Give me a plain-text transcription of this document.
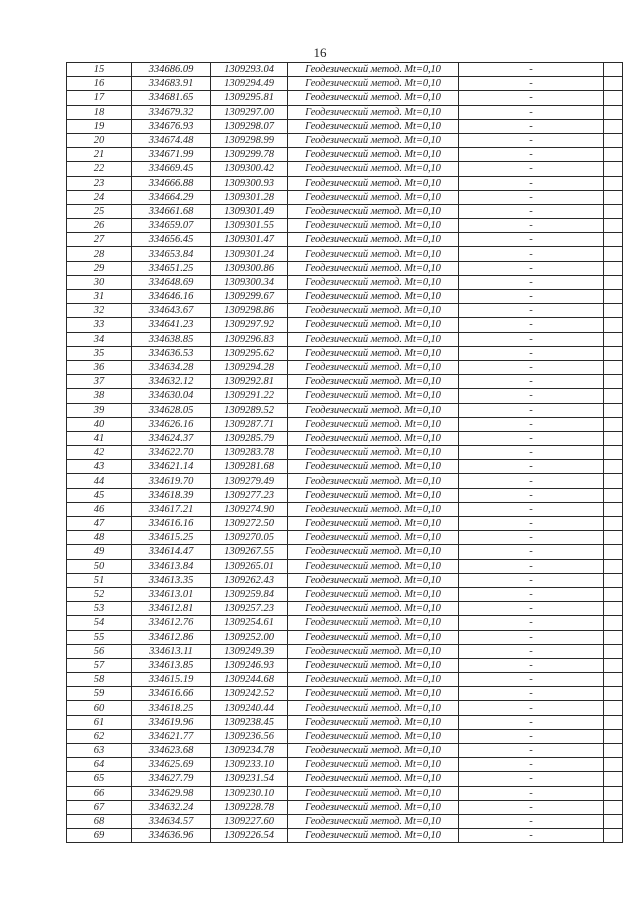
16
15	334686.09	1309293.04	Геодезический метод. Mt=0,10	-	
16	334683.91	1309294.49	Геодезический метод. Mt=0,10	-	
17	334681.65	1309295.81	Геодезический метод. Mt=0,10	-	
18	334679.32	1309297.00	Геодезический метод. Mt=0,10	-	
19	334676.93	1309298.07	Геодезический метод. Mt=0,10	-	
20	334674.48	1309298.99	Геодезический метод. Mt=0,10	-	
21	334671.99	1309299.78	Геодезический метод. Mt=0,10	-	
22	334669.45	1309300.42	Геодезический метод. Mt=0,10	-	
23	334666.88	1309300.93	Геодезический метод. Mt=0,10	-	
24	334664.29	1309301.28	Геодезический метод. Mt=0,10	-	
25	334661.68	1309301.49	Геодезический метод. Mt=0,10	-	
26	334659.07	1309301.55	Геодезический метод. Mt=0,10	-	
27	334656.45	1309301.47	Геодезический метод. Mt=0,10	-	
28	334653.84	1309301.24	Геодезический метод. Mt=0,10	-	
29	334651.25	1309300.86	Геодезический метод. Mt=0,10	-	
30	334648.69	1309300.34	Геодезический метод. Mt=0,10	-	
31	334646.16	1309299.67	Геодезический метод. Mt=0,10	-	
32	334643.67	1309298.86	Геодезический метод. Mt=0,10	-	
33	334641.23	1309297.92	Геодезический метод. Mt=0,10	-	
34	334638.85	1309296.83	Геодезический метод. Mt=0,10	-	
35	334636.53	1309295.62	Геодезический метод. Mt=0,10	-	
36	334634.28	1309294.28	Геодезический метод. Mt=0,10	-	
37	334632.12	1309292.81	Геодезический метод. Mt=0,10	-	
38	334630.04	1309291.22	Геодезический метод. Mt=0,10	-	
39	334628.05	1309289.52	Геодезический метод. Mt=0,10	-	
40	334626.16	1309287.71	Геодезический метод. Mt=0,10	-	
41	334624.37	1309285.79	Геодезический метод. Mt=0,10	-	
42	334622.70	1309283.78	Геодезический метод. Mt=0,10	-	
43	334621.14	1309281.68	Геодезический метод. Mt=0,10	-	
44	334619.70	1309279.49	Геодезический метод. Mt=0,10	-	
45	334618.39	1309277.23	Геодезический метод. Mt=0,10	-	
46	334617.21	1309274.90	Геодезический метод. Mt=0,10	-	
47	334616.16	1309272.50	Геодезический метод. Mt=0,10	-	
48	334615.25	1309270.05	Геодезический метод. Mt=0,10	-	
49	334614.47	1309267.55	Геодезический метод. Mt=0,10	-	
50	334613.84	1309265.01	Геодезический метод. Mt=0,10	-	
51	334613.35	1309262.43	Геодезический метод. Mt=0,10	-	
52	334613.01	1309259.84	Геодезический метод. Mt=0,10	-	
53	334612.81	1309257.23	Геодезический метод. Mt=0,10	-	
54	334612.76	1309254.61	Геодезический метод. Mt=0,10	-	
55	334612.86	1309252.00	Геодезический метод. Mt=0,10	-	
56	334613.11	1309249.39	Геодезический метод. Mt=0,10	-	
57	334613.85	1309246.93	Геодезический метод. Mt=0,10	-	
58	334615.19	1309244.68	Геодезический метод. Mt=0,10	-	
59	334616.66	1309242.52	Геодезический метод. Mt=0,10	-	
60	334618.25	1309240.44	Геодезический метод. Mt=0,10	-	
61	334619.96	1309238.45	Геодезический метод. Mt=0,10	-	
62	334621.77	1309236.56	Геодезический метод. Mt=0,10	-	
63	334623.68	1309234.78	Геодезический метод. Mt=0,10	-	
64	334625.69	1309233.10	Геодезический метод. Mt=0,10	-	
65	334627.79	1309231.54	Геодезический метод. Mt=0,10	-	
66	334629.98	1309230.10	Геодезический метод. Mt=0,10	-	
67	334632.24	1309228.78	Геодезический метод. Mt=0,10	-	
68	334634.57	1309227.60	Геодезический метод. Mt=0,10	-	
69	334636.96	1309226.54	Геодезический метод. Mt=0,10	-	
